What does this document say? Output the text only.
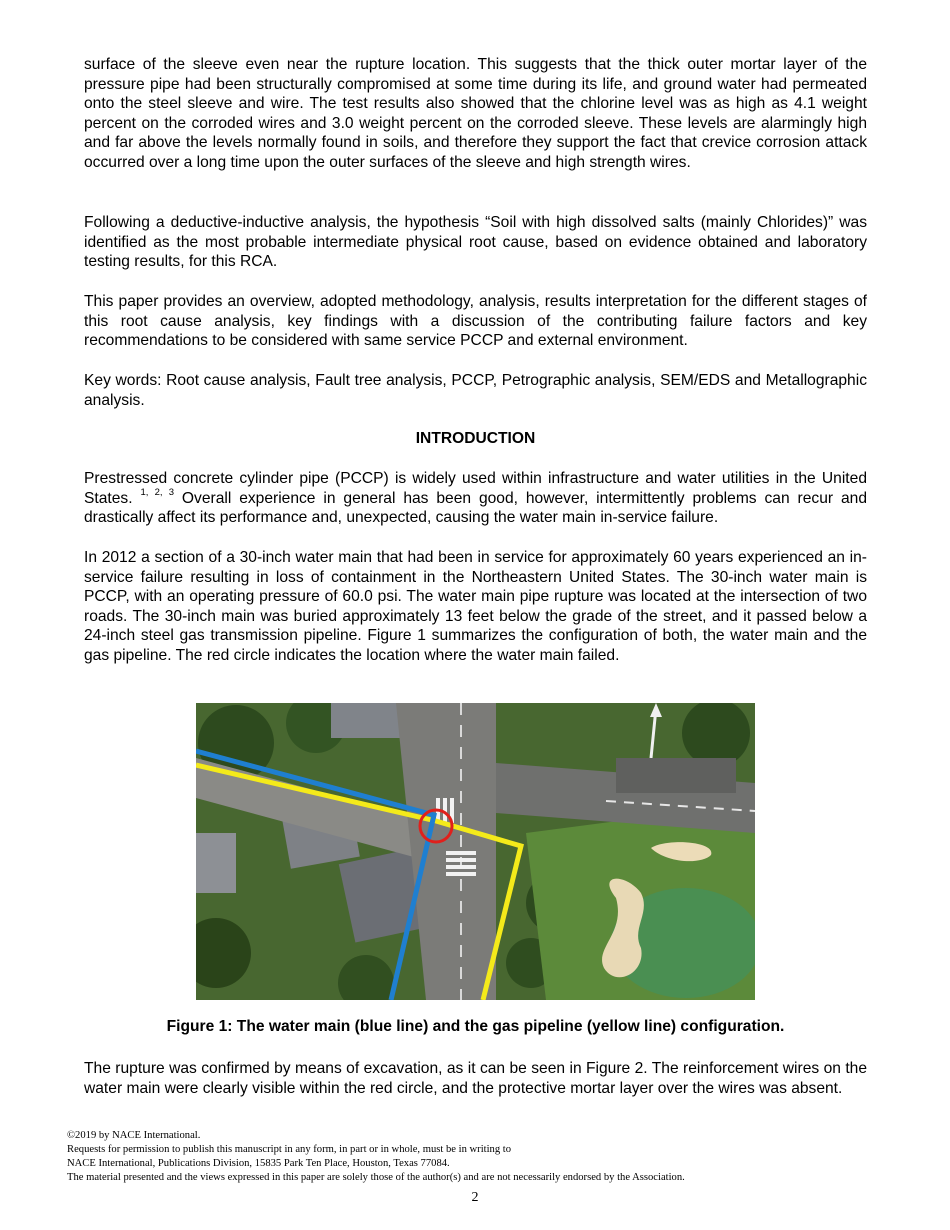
surface of the sleeve even near the rupture location. This suggests that the thick outer mortar layer of the pressure pipe had been structurally compromised at some time during its life, and ground water had permeated onto the steel sleeve and wire. The test results also showed that the chlorine level was as high as 4.1 weight percent on the corroded wires and 3.0 weight percent on the corroded sleeve. These levels are alarmingly high and far above the levels normally found in soils, and therefore they support the fact that crevice corrosion attack occurred over a long time upon the outer surfaces of the sleeve and high strength wires.

Following a deductive-inductive analysis, the hypothesis “Soil with high dissolved salts (mainly Chlorides)” was identified as the most probable intermediate physical root cause, based on evidence obtained and laboratory testing results, for this RCA.

This paper provides an overview, adopted methodology, analysis, results interpretation for the different stages of this root cause analysis, key findings with a discussion of the contributing failure factors and key recommendations to be considered with same service PCCP and external environment.

Key words: Root cause analysis, Fault tree analysis, PCCP, Petrographic analysis, SEM/EDS and Metallographic analysis.

INTRODUCTION

Prestressed concrete cylinder pipe (PCCP) is widely used within infrastructure and water utilities in the United States. $^{1, 2, 3}$ Overall experience in general has been good, however, intermittently problems can recur and drastically affect its performance and, unexpected, causing the water main in-service failure.

In 2012 a section of a 30-inch water main that had been in service for approximately 60 years experienced an in-service failure resulting in loss of containment in the Northeastern United States. The 30-inch water main is PCCP, with an operating pressure of 60.0 psi. The water main pipe rupture was located at the intersection of two roads. The 30-inch main was buried approximately 13 feet below the grade of the street, and it passed below a 24-inch steel gas transmission pipeline. Figure 1 summarizes the configuration of both, the water main and the gas pipeline. The red circle indicates the location where the water main failed.

Figure 1: The water main (blue line) and the gas pipeline (yellow line) configuration.

The rupture was confirmed by means of excavation, as it can be seen in Figure 2. The reinforcement wires on the water main were clearly visible within the red circle, and the protective mortar layer over the wires was absent.

©2019 by NACE International.
Requests for permission to publish this manuscript in any form, in part or in whole, must be in writing to
NACE International, Publications Division, 15835 Park Ten Place, Houston, Texas 77084.
The material presented and the views expressed in this paper are solely those of the author(s) and are not necessarily endorsed by the Association.
2
